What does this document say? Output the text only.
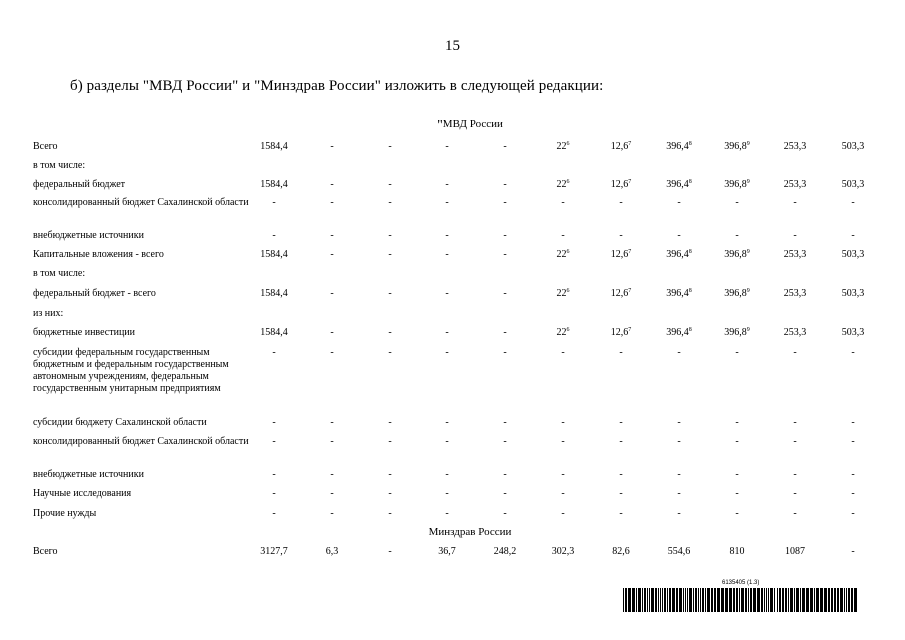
15
б) разделы "МВД России" и "Минздрав России" изложить в следующей редакции:
"МВД России
Всего	1584,4	-	-	-	-	$22^6$	12,6$^7$	396,4$^8$	396,8$^9$	253,3	503,3
в том числе:
федеральный бюджет	1584,4	-	-	-	-	$22^6$	12,6$^7$	396,4$^8$	396,8$^9$	253,3	503,3
консолидированный бюджет Сахалинской области	-	-	-	-	-	-	-	-	-	-	-
внебюджетные источники	-	-	-	-	-	-	-	-	-	-	-
Капитальные вложения - всего	1584,4	-	-	-	-	$22^6$	12,6$^7$	396,4$^8$	396,8$^9$	253,3	503,3
в том числе:
федеральный бюджет - всего	1584,4	-	-	-	-	$22^6$	12,6$^7$	396,4$^8$	396,8$^9$	253,3	503,3
из них:
бюджетные инвестиции	1584,4	-	-	-	-	$22^6$	12,6$^7$	396,4$^8$	396,8$^9$	253,3	503,3
субсидии федеральным государственным бюджетным и федеральным государственным автономным учреждениям, федеральным государственным унитарным предприятиям
-	-	-	-	-	-	-	-	-	-	-
субсидии бюджету Сахалинской области	-	-	-	-	-	-	-	-	-	-	-
консолидированный бюджет Сахалинской области	-	-	-	-	-	-	-	-	-	-	-
внебюджетные источники	-	-	-	-	-	-	-	-	-	-	-
Научные исследования	-	-	-	-	-	-	-	-	-	-	-
Прочие нужды	-	-	-	-	-	-	-	-	-	-	-
Всего	3127,7	6,3	-	36,7	248,2	302,3	82,6	554,6	810	1087	-
Минздрав России
6135405 (1.3)
